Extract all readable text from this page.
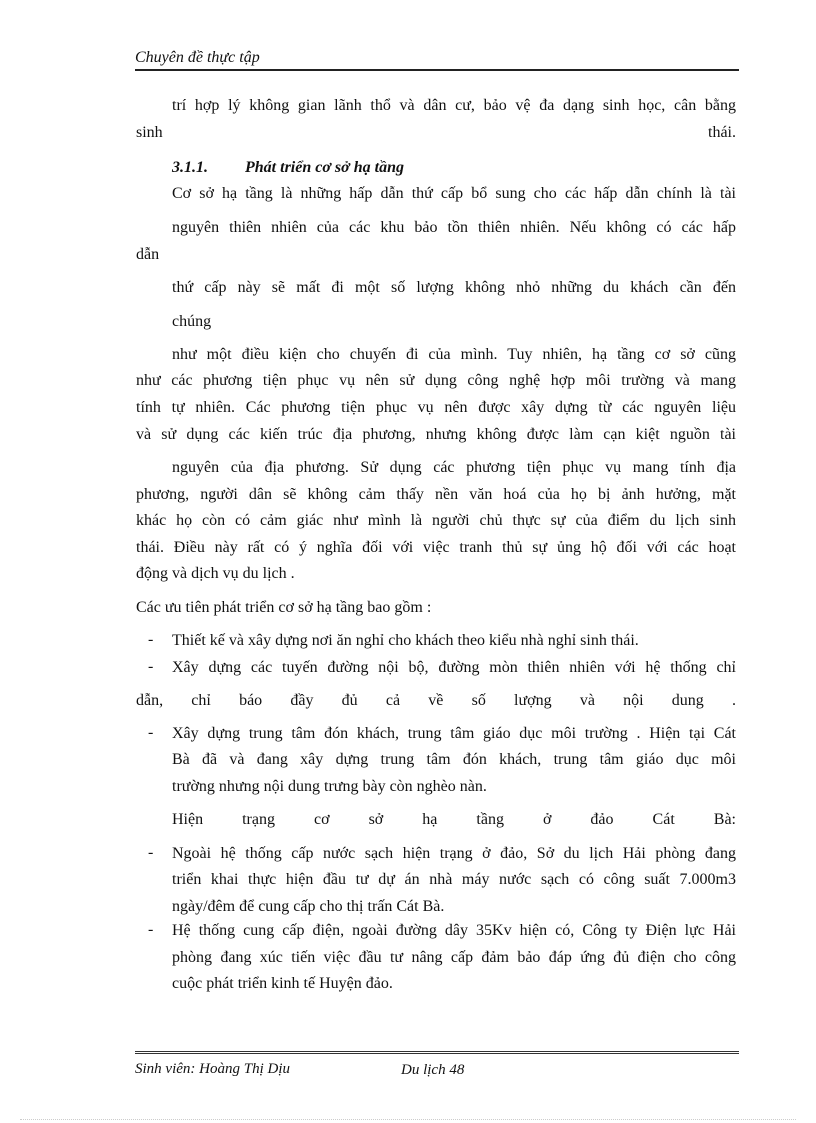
Chuyên đề thực tập
trí hợp lý không gian lãnh thổ và dân cư, bảo vệ đa dạng sinh học, cân bằng
sinh	thái.
3.1.1. Phát triển cơ sở hạ tầng
Cơ sở hạ tầng là những hấp dẫn thứ cấp bổ sung cho các hấp dẫn chính là tài
nguyên thiên nhiên của các khu bảo tồn thiên nhiên. Nếu không có các hấp
dẫn
thứ cấp này sẽ mất đi một số lượng không nhỏ những du khách cần đến
chúng
như một điều kiện cho chuyến đi của mình. Tuy nhiên, hạ tầng cơ sở cũng
như các phương tiện phục vụ nên sử dụng công nghệ hợp môi trường và mang
tính tự nhiên. Các phương tiện phục vụ nên được xây dựng từ các nguyên liệu
và sử dụng các kiến trúc địa phương, nhưng không được làm cạn kiệt nguồn tài
nguyên của địa phương. Sử dụng các phương tiện phục vụ mang tính địa
phương, người dân sẽ không cảm thấy nền văn hoá của họ bị ảnh hưởng, mặt
khác họ còn có cảm giác như mình là người chủ thực sự của điểm du lịch sinh
thái. Điều này rất có ý nghĩa đối với việc tranh thủ sự ủng hộ đối với các hoạt
động và dịch vụ du lịch .
Các ưu tiên phát triển cơ sở hạ tầng bao gồm :
- Thiết kế và xây dựng nơi ăn nghỉ cho khách theo kiểu nhà nghỉ sinh thái.
- Xây dựng các tuyến đường nội bộ, đường mòn thiên nhiên với hệ thống chỉ
dẫn, chỉ báo đầy đủ cả về số lượng và nội dung .
- Xây dựng trung tâm đón khách, trung tâm giáo dục môi trường . Hiện tại Cát
Bà đã và đang xây dựng trung tâm đón khách, trung tâm giáo dục môi
trường nhưng nội dung trưng bày còn nghèo nàn.
Hiện trạng cơ sở hạ tầng ở đảo Cát Bà:
- Ngoài hệ thống cấp nước sạch hiện trạng ở đảo, Sở du lịch Hải phòng đang
triển khai thực hiện đầu tư dự án nhà máy nước sạch có công suất 7.000m3
ngày/đêm để cung cấp cho thị trấn Cát Bà.
- Hệ thống cung cấp điện, ngoài đường dây 35Kv hiện có, Công ty Điện lực Hải
phòng đang xúc tiến việc đầu tư nâng cấp đảm bảo đáp ứng đủ điện cho công
cuộc phát triển kinh tế Huyện đảo.
Sinh viên: Hoàng Thị Dịu	Du lịch 48
